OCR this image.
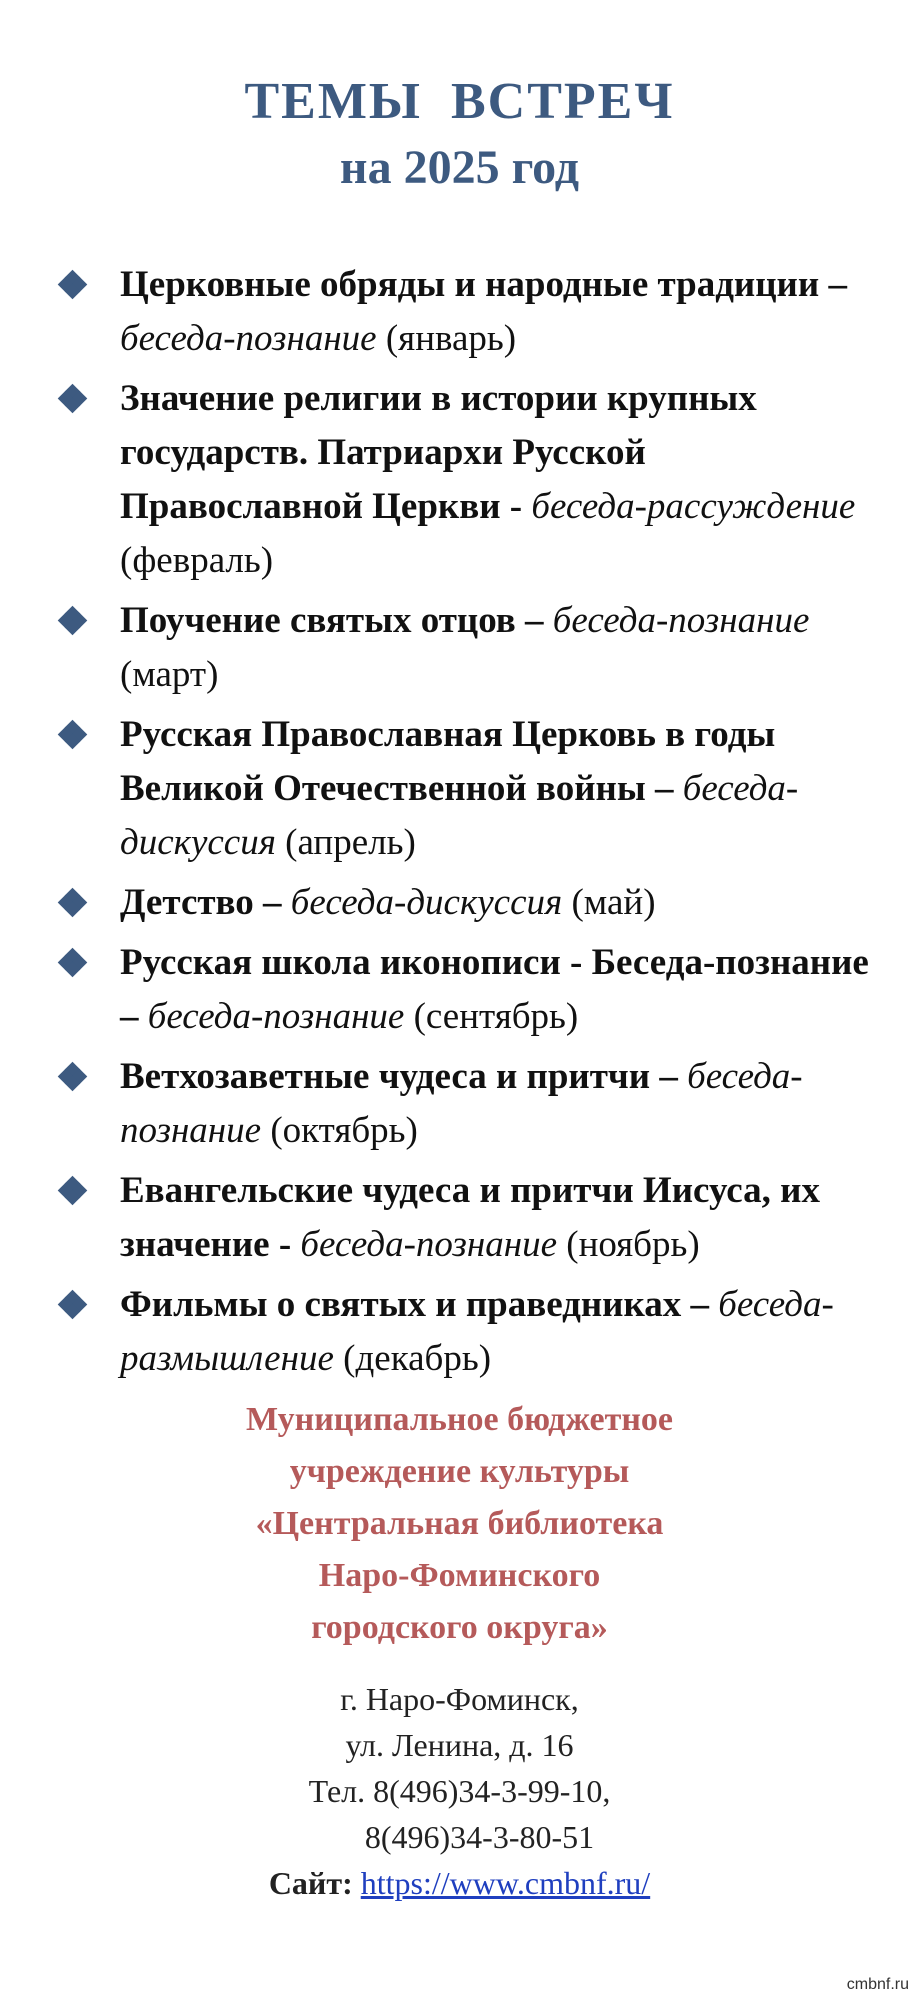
ТЕМЫ ВСТРЕЧ
на 2025 год
Церковные обряды и народные традиции – беседа-познание (январь)
Значение религии в истории крупных государств. Патриархи Русской Православной Церкви - беседа-рассуждение (февраль)
Поучение святых отцов – беседа-познание (март)
Русская Православная Церковь в годы Великой Отечественной войны – беседа-дискуссия (апрель)
Детство – беседа-дискуссия (май)
Русская школа иконописи - Беседа-познание – беседа-познание (сентябрь)
Ветхозаветные чудеса и притчи – беседа-познание (октябрь)
Евангельские чудеса и притчи Иисуса, их значение - беседа-познание (ноябрь)
Фильмы о святых и праведниках – беседа-размышление (декабрь)
Муниципальное бюджетное
учреждение культуры
«Центральная библиотека
Наро-Фоминского
городского округа»
г. Наро-Фоминск,
ул. Ленина, д. 16
Тел. 8(496)34-3-99-10,
8(496)34-3-80-51
Сайт: https://www.cmbnf.ru/
cmbnf.ru
